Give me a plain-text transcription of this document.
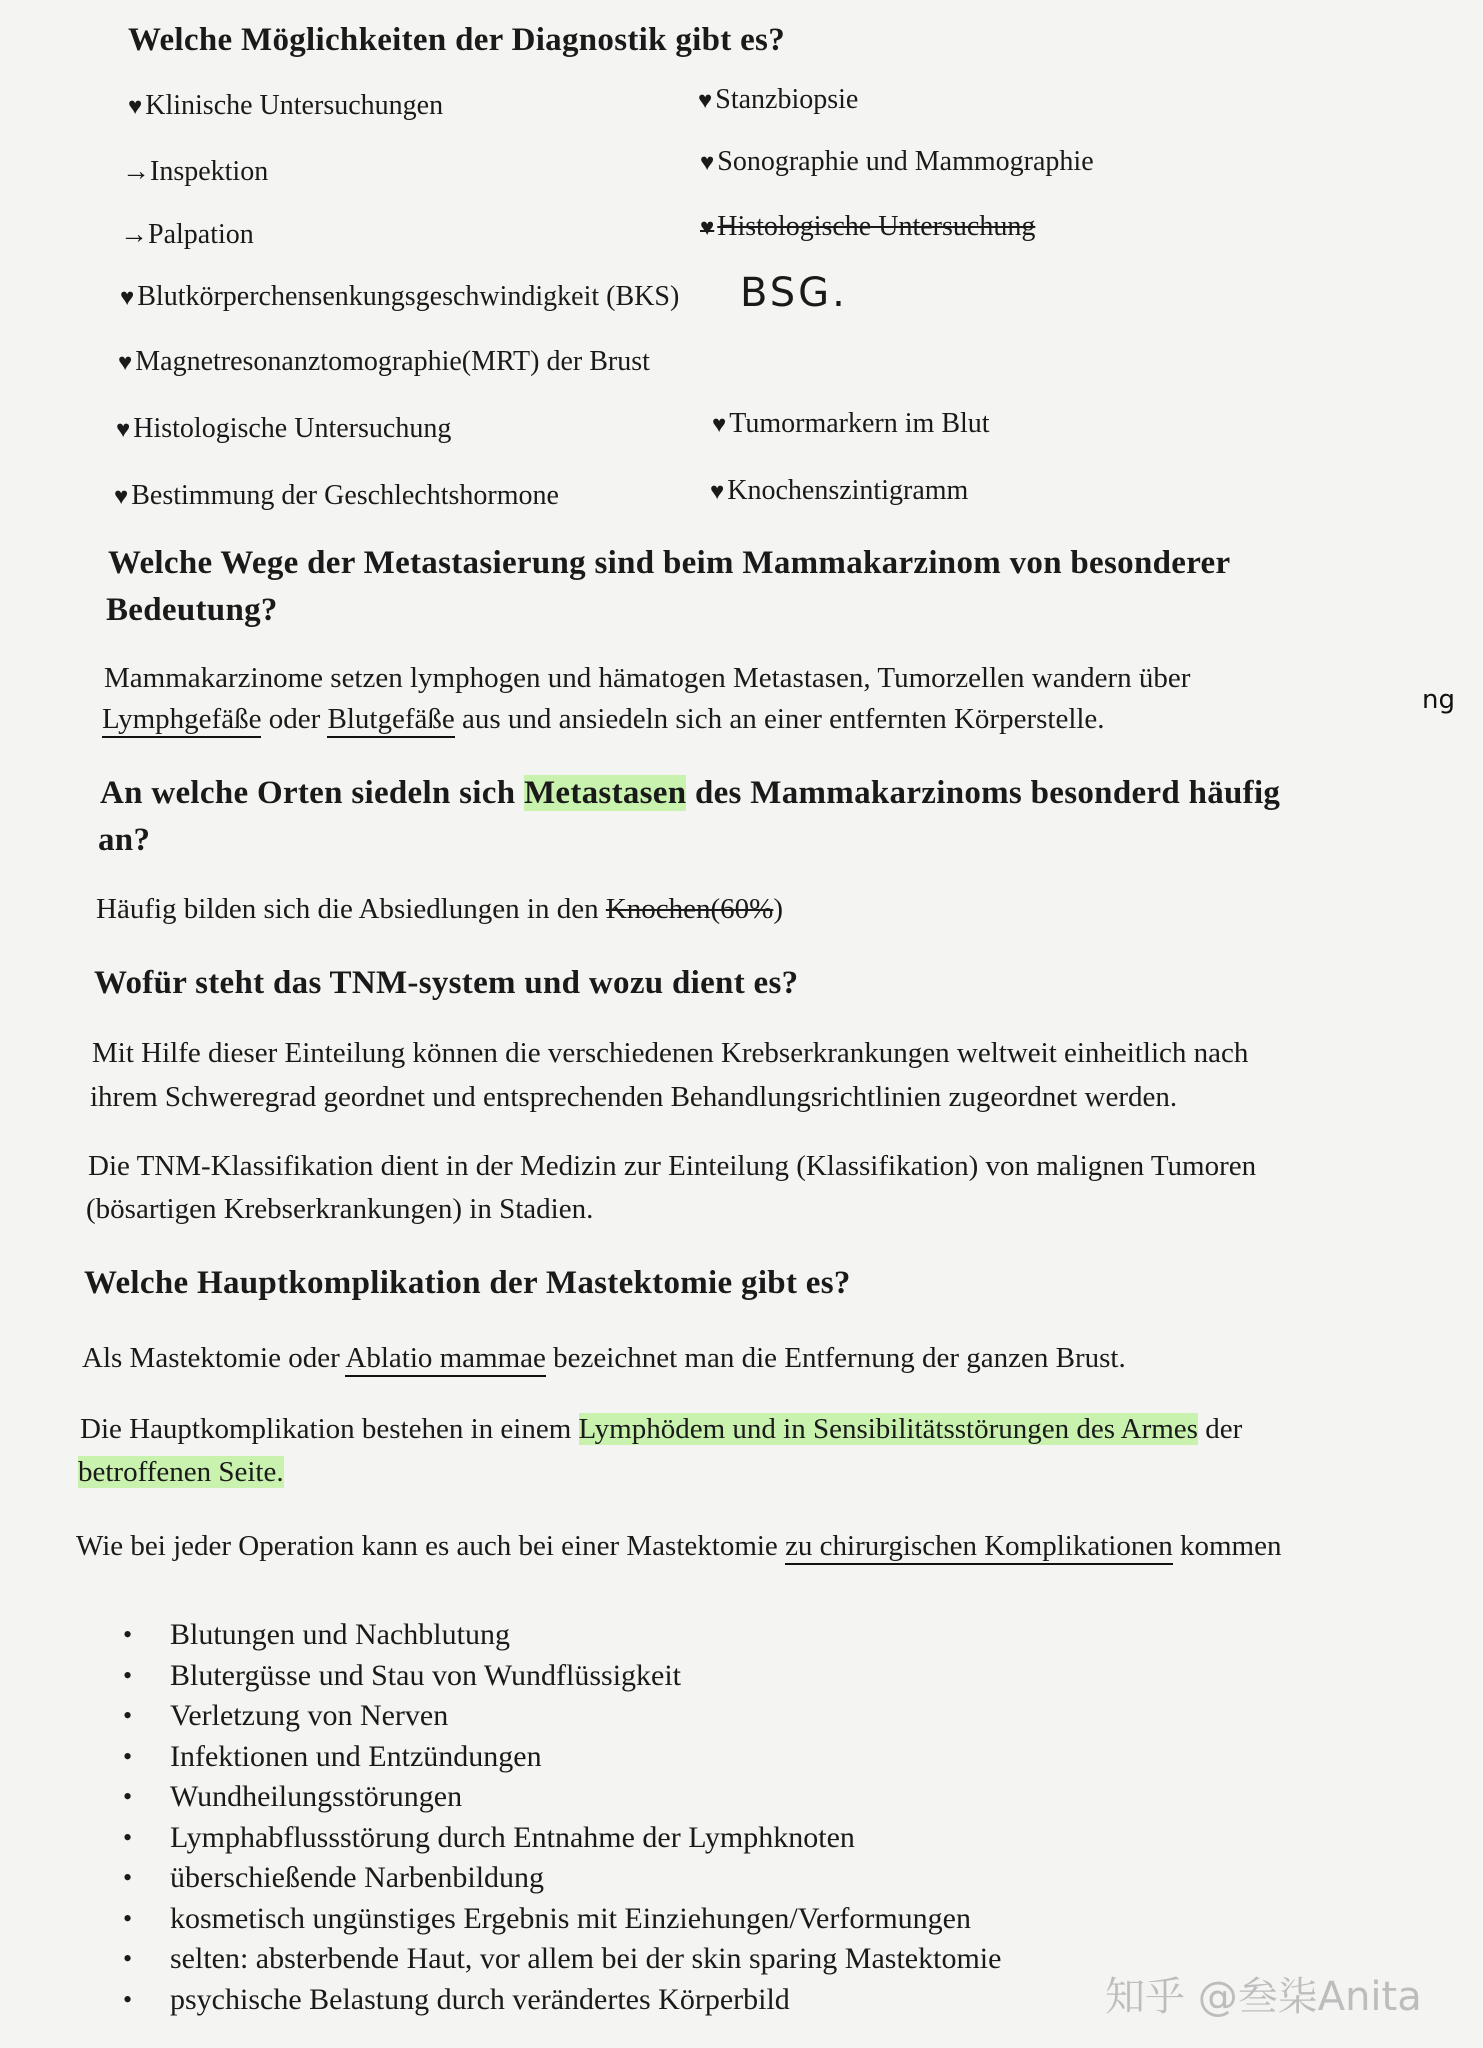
Welche Möglichkeiten der Diagnostik gibt es?
♥ Klinische Untersuchungen
→Inspektion
→Palpation
♥ Blutkörperchensenkungsgeschwindigkeit (BKS) BSG.
♥ Magnetresonanztomographie(MRT) der Brust
♥ Histologische Untersuchung
♥ Bestimmung der Geschlechtshormone
♥ Stanzbiopsie
♥ Sonographie und Mammographie
♥ Histologische Untersuchung
♥ Tumormarkern im Blut
♥ Knochenszintigramm
Welche Wege der Metastasierung sind beim Mammakarzinom von besonderer
Bedeutung?
Mammakarzinome setzen lymphogen und hämatogen Metastasen, Tumorzellen wandern über
Lymphgefäße oder Blutgefäße aus und ansiedeln sich an einer entfernten Körperstelle.
An welche Orten siedeln sich Metastasen des Mammakarzinoms besonderd häufig
an?
Häufig bilden sich die Absiedlungen in den Knochen(60%)
Wofür steht das TNM-system und wozu dient es?
Mit Hilfe dieser Einteilung können die verschiedenen Krebserkrankungen weltweit einheitlich nach
ihrem Schweregrad geordnet und entsprechenden Behandlungsrichtlinien zugeordnet werden.
Die TNM-Klassifikation dient in der Medizin zur Einteilung (Klassifikation) von malignen Tumoren
(bösartigen Krebserkrankungen) in Stadien.
Welche Hauptkomplikation der Mastektomie gibt es?
Als Mastektomie oder Ablatio mammae bezeichnet man die Entfernung der ganzen Brust.
Die Hauptkomplikation bestehen in einem Lymphödem und in Sensibilitätsstörungen des Armes der
betroffenen Seite.
Wie bei jeder Operation kann es auch bei einer Mastektomie zu chirurgischen Komplikationen kommen
• Blutungen und Nachblutung
• Blutergüsse und Stau von Wundflüssigkeit
• Verletzung von Nerven
• Infektionen und Entzündungen
• Wundheilungsstörungen
• Lymphabflussstörung durch Entnahme der Lymphknoten
• überschießende Narbenbildung
• kosmetisch ungünstiges Ergebnis mit Einziehungen/Verformungen
• selten: absterbende Haut, vor allem bei der skin sparing Mastektomie
• psychische Belastung durch verändertes Körperbild	知乎 @叁柒Anita
ng
